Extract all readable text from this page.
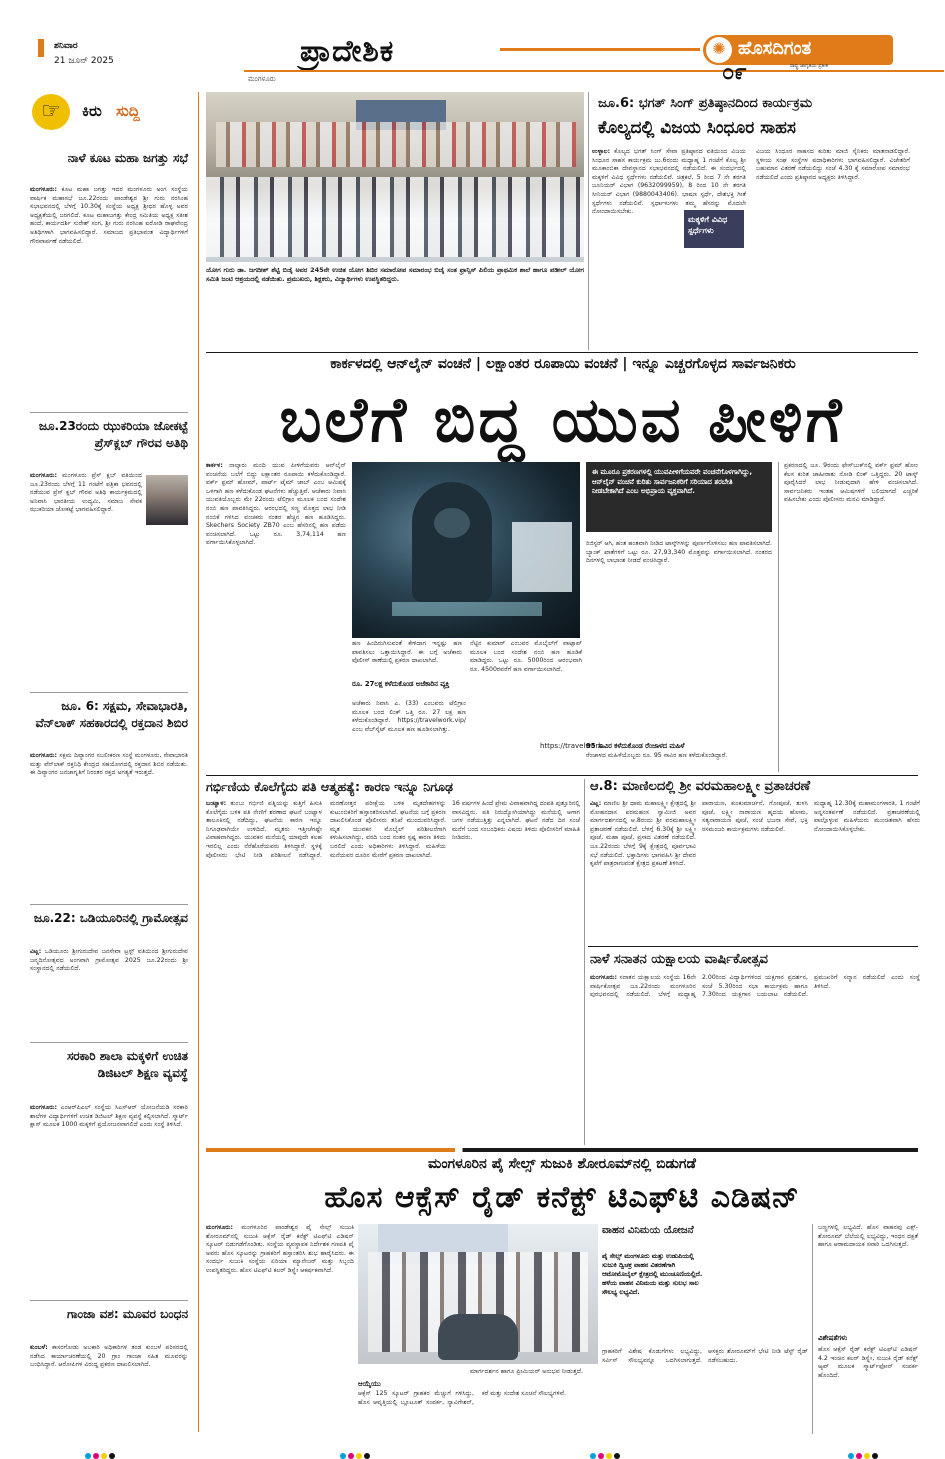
ಶನಿವಾರ
21 ಜೂನ್ 2025
ಮಂಗಳೂರು
ಪ್ರಾದೇಶಿಕ	✺ ಹೊಸದಿಗಂತ
ರಾಷ್ಟ್ರ ಜಾಗೃತಿಯ ಪ್ರತೀಕ
೦೯
☞	ಕಿರು ಸುದ್ದಿ
ನಾಳೆ ಕೂಟ ಮಹಾ ಜಗತ್ತು ಸಭೆ
ಮಂಗಳೂರು: ಕೂಟ ಮಹಾ ಜಗತ್ತು ಇದರ ಮಂಗಳೂರು ಅಂಗ ಸಂಸ್ಥೆಯ ವಾರ್ಷಿಕ ಮಹಾಸಭೆ ಜೂ.22ರಂದು ಪಾಂಡೇಶ್ವರ ಶ್ರೀ ಗುರು ನರಸಿಂಹ ಸಭಾಭವನದಲ್ಲಿ ಬೆಳಗ್ಗೆ 10.30ಕ್ಕೆ ಸಂಸ್ಥೆಯ ಅಧ್ಯಕ್ಷ ಶ್ರೀಧರ ಹೊಳ್ಳ ಅವರ ಅಧ್ಯಕ್ಷತೆಯಲ್ಲಿ ಜರಗಲಿದೆ. ಕೂಟ ಮಹಾಜಗತ್ತು ಕೇಂದ್ರ ಸಮಿತಿಯ ಅಧ್ಯಕ್ಷ ಸತೀಶ ಹಂದೆ, ಕಾರ್ಯದರ್ಶಿ ಸುರೇಶ್ ಸಂಗ, ಶ್ರೀ ಗುರು ನರಸಿಂಹ ಐರೋಡಿ ರಾಘವೇಂದ್ರ ಅತಿಥಿಗಳಾಗಿ ಭಾಗವಹಿಸಲಿದ್ದಾರೆ. ಸಮಾಜದ ಪ್ರತಿಭಾವಂತ ವಿದ್ಯಾರ್ಥಿಗಳಿಗೆ ಗೌರವಾರ್ಪಣೆ ನಡೆಯಲಿದೆ.
ಜೂ.23ರಂದು ಝುಕರಿಯಾ ಜೋಕಟ್ಟೆ ಪ್ರೆಸ್‌ಕ್ಲಬ್ ಗೌರವ ಅತಿಥಿ
ಮಂಗಳೂರು: ಮಂಗಳೂರು ಪ್ರೆಸ್ ಕ್ಲಬ್ ವತಿಯಿಂದ ಜೂ.23ರಂದು ಬೆಳಗ್ಗೆ 11 ಗಂಟೆಗೆ ಪತ್ರಿಕಾ ಭವನದಲ್ಲಿ ನಡೆಯುವ ಪ್ರೆಸ್ ಕ್ಲಬ್ ಗೌರವ ಅತಿಥಿ ಕಾರ್ಯಕ್ರಮದಲ್ಲಿ ಅನಿವಾಸಿ ಭಾರತೀಯ ಉದ್ಯಮಿ, ಸಮಾಜ ಸೇವಕ ಝುಕರಿಯಾ ಜೋಕಟ್ಟೆ ಭಾಗವಹಿಸಲಿದ್ದಾರೆ.
ಜೂ. 6: ಸಕ್ಷಮ, ಸೇವಾಭಾರತಿ, ವೆನ್‌ಲಾಕ್ ಸಹಕಾರದಲ್ಲಿ ರಕ್ತದಾನ ಶಿಬಿರ
ಮಂಗಳೂರು: ಸಕ್ಷಮ ದಿವ್ಯಾಂಗರ ಸಬಲೀಕರಣ ಸಂಸ್ಥೆ ಮಂಗಳೂರು, ಸೇವಾಭಾರತಿ ಮತ್ತು ವೆನ್‌ಲಾಕ್ ರಕ್ತನಿಧಿ ಕೇಂದ್ರದ ಸಹಯೋಗದಲ್ಲಿ ರಕ್ತದಾನ ಶಿಬಿರ ನಡೆಯಿತು. ಈ ದಿವ್ಯಾಂಗರ ಜನಜಾಗೃತಿಗೆ ನಿರಂತರ ರಕ್ತದ ಅಗತ್ಯತೆ ಇರುತ್ತದೆ.
ಜೂ.22: ಒಡಿಯೂರಿನಲ್ಲಿ ಗ್ರಾಮೋತ್ಸವ
ವಿಟ್ಲ: ಒಡಿಯೂರು ಶ್ರೀಗುರುದೇವ ಜನಸೇವಾ ಟ್ರಸ್ಟ್ ವತಿಯಿಂದ ಶ್ರೀಗುರುದೇವ ಜನ್ಮದಿನೋತ್ಸವದ ಅಂಗವಾಗಿ ಗ್ರಾಮೋತ್ಸವ 2025 ಜೂ.22ರಂದು ಶ್ರೀ ಸಂಸ್ಥಾನದಲ್ಲಿ ನಡೆಯಲಿದೆ.
ಸರಕಾರಿ ಶಾಲಾ ಮಕ್ಕಳಿಗೆ ಉಚಿತ ಡಿಜಿಟಲ್ ಶಿಕ್ಷಣ ವ್ಯವಸ್ಥೆ
ಮಂಗಳೂರು: ಎಂಆರ್‌ಪಿಎಲ್ ಸಂಸ್ಥೆಯ ಸಿಎಸ್‌ಆರ್ ಯೋಜನೆಯಡಿ ಸರಕಾರಿ ಶಾಲೆಗಳ ವಿದ್ಯಾರ್ಥಿಗಳಿಗೆ ಉಚಿತ ಡಿಜಿಟಲ್ ಶಿಕ್ಷಣ ವ್ಯವಸ್ಥೆ ಕಲ್ಪಿಸಲಾಗಿದೆ. ಸ್ಮಾರ್ಟ್ ಕ್ಲಾಸ್ ಮೂಲಕ 1000 ಮಕ್ಕಳಿಗೆ ಪ್ರಯೋಜನವಾಗಲಿದೆ ಎಂದು ಸಂಸ್ಥೆ ತಿಳಿಸಿದೆ.
ಗಾಂಜಾ ವಶ: ಮೂವರ ಬಂಧನ
ಕುಂಬಳೆ: ಕಾಸರಗೋಡು ಅಬಕಾರಿ ಅಧಿಕಾರಿಗಳ ತಂಡ ಕುಂಬಳೆ ಪರಿಸರದಲ್ಲಿ ನಡೆಸಿದ ಕಾರ್ಯಾಚರಣೆಯಲ್ಲಿ 20 ಗ್ರಾಂ ಗಾಂಜಾ ಸಹಿತ ಮೂವರನ್ನು ಬಂಧಿಸಿದ್ದಾರೆ. ಆರೋಪಿಗಳ ವಿರುದ್ಧ ಪ್ರಕರಣ ದಾಖಲಿಸಲಾಗಿದೆ.
ಯೋಗ ಗುರು ಡಾ. ಜಗದೀಶ್ ಶೆಟ್ಟಿ ಬಿಜೈ ಅವರ 245ನೇ ಉಚಿತ ಯೋಗ ಶಿಬಿರ ಸಮಾರೋಪ ಸಮಾರಂಭ ಬಿಜೈ ಸಂತ ಫ್ರಾನ್ಸಿಸ್ ಪಿಲಿಯ ಪ್ರಾಥಮಿಕ ಶಾಲೆ ಹಾಗೂ ಪಡೀಲ್ ಯೋಗ ಸಮಿತಿ ಜಂಟಿ ಆಶ್ರಯದಲ್ಲಿ ನಡೆಯಿತು. ಪ್ರಮುಖರು, ಶಿಕ್ಷಕರು, ವಿದ್ಯಾರ್ಥಿಗಳು ಉಪಸ್ಥಿತರಿದ್ದರು.
ಜೂ.6: ಭಗತ್ ಸಿಂಗ್ ಪ್ರತಿಷ್ಠಾನದಿಂದ ಕಾರ್ಯಕ್ರಮ
ಕೊಲ್ಯದಲ್ಲಿ ವಿಜಯ ಸಿಂಧೂರ ಸಾಹಸ
ಉಳ್ಳಾಲ: ಕೊಲ್ಯದ ಭಗತ್ ಸಿಂಗ್ ಸೇವಾ ಪ್ರತಿಷ್ಠಾನದ ವತಿಯಿಂದ ವಿಜಯ ಸಿಂಧೂರ ಸಾಹಸ ಕಾರ್ಯಕ್ರಮ ಜು.6ರಂದು ಮಧ್ಯಾಹ್ನ 1 ಗಂಟೆಗೆ ಕೊಲ್ಯ ಶ್ರೀ ಮೂಕಾಂಬಿಕಾ ದೇವಸ್ಥಾನದ ಸಭಾಭವನದಲ್ಲಿ ನಡೆಯಲಿದೆ. ಈ ಸಂದರ್ಭದಲ್ಲಿ ಮಕ್ಕಳಿಗೆ ವಿವಿಧ ಸ್ಪರ್ಧೆಗಳು ನಡೆಯಲಿವೆ. ಚಿತ್ರಕಲೆ, 5 ರಿಂದ 7 ನೇ ತರಗತಿ ಜೂನಿಯರ್ ವಿಭಾಗ (9632099959), 8 ರಿಂದ 10 ನೇ ತರಗತಿ ಸೀನಿಯರ್ ವಿಭಾಗ (9880043406). ಭಾಷಣ ಸ್ಪರ್ಧೆ, ದೇಶಭಕ್ತಿ ಗೀತೆ ಸ್ಪರ್ಧೆಗಳು ನಡೆಯಲಿವೆ. ಸ್ಪರ್ಧಾಳುಗಳು ತಮ್ಮ ಹೆಸರನ್ನು ಮೊದಲೇ ನೋಂದಾಯಿಸಬೇಕು.
ಮಕ್ಕಳಿಗೆ ವಿವಿಧ ಸ್ಪರ್ಧೆಗಳು
ವಿಜಯ ಸಿಂಧೂರ ಸಾಹಸದ ಕುರಿತು ಮಾಜಿ ಸೈನಿಕರು ಮಾತನಾಡಲಿದ್ದಾರೆ. ಸ್ಥಳೀಯ ಸಂಘ ಸಂಸ್ಥೆಗಳ ಪದಾಧಿಕಾರಿಗಳು ಭಾಗವಹಿಸಲಿದ್ದಾರೆ. ವಿಜೇತರಿಗೆ ಬಹುಮಾನ ವಿತರಣೆ ನಡೆಯಲಿದ್ದು ಸಂಜೆ 4.30 ಕ್ಕೆ ಸಮಾರೋಪ ಸಮಾರಂಭ ನಡೆಯಲಿದೆ ಎಂದು ಪ್ರತಿಷ್ಠಾನದ ಅಧ್ಯಕ್ಷರು ತಿಳಿಸಿದ್ದಾರೆ.
ಕಾರ್ಕಳದಲ್ಲಿ ಆನ್‌ಲೈನ್ ವಂಚನೆ | ಲಕ್ಷಾಂತರ ರೂಪಾಯಿ ವಂಚನೆ | ಇನ್ನೂ ಎಚ್ಚರಗೊಳ್ಳದ ಸಾರ್ವಜನಿಕರು
ಬಲೆಗೆ ಬಿದ್ದ ಯುವ ಪೀಳಿಗೆ
ಕಾರ್ಕಳ: ನಾಲ್ಕಾರು ಮಂದಿ ಯುವ ಪೀಳಿಗೆಯವರು ಆನ್‌ಲೈನ್ ವಂಚನೆಯ ಬಲೆಗೆ ಬಿದ್ದು ಲಕ್ಷಾಂತರ ರೂಪಾಯಿ ಕಳೆದುಕೊಂಡಿದ್ದಾರೆ. ವರ್ಕ್ ಫ್ರಮ್ ಹೋಮ್, ಪಾರ್ಟ್ ಟೈಮ್ ಜಾಬ್ ಎಂಬ ಆಮಿಷಕ್ಕೆ ಒಳಗಾಗಿ ಹಣ ಕಳೆದುಕೊಂಡ ಘಟನೆಗಳು ಹೆಚ್ಚುತ್ತಿವೆ. ಆಜೆಕಾರು ನಿವಾಸಿ ಯುವತಿಯೊಬ್ಬರು ಮೇ 22ರಂದು ಟೆಲಿಗ್ರಾಂ ಮೂಲಕ ಬಂದ ಸಂದೇಶ ನಂಬಿ ಹಣ ಪಾವತಿಸಿದ್ದರು. ಆರಂಭದಲ್ಲಿ ಸಣ್ಣ ಮೊತ್ತದ ಲಾಭ ನೀಡಿ ನಂಬಿಕೆ ಗಳಿಸಿದ ವಂಚಕರು ನಂತರ ಹೆಚ್ಚಿನ ಹಣ ಹೂಡಿಸಿದ್ದರು. Skechers Society ZB70 ಎಂಬ ಹೆಸರಿನಲ್ಲಿ ಹಣ ಪಡೆದು ವಂಚಿಸಲಾಗಿದೆ. ಒಟ್ಟು ರೂ. 3,74,114 ಹಣ ವರ್ಗಾಯಿಸಿಕೊಳ್ಳಲಾಗಿದೆ.
ಹಣ ಹಿಂದಿರುಗಿಸುವಂತೆ ಕೇಳಿದಾಗ ಇನ್ನಷ್ಟು ಹಣ ಪಾವತಿಸಲು ಒತ್ತಾಯಿಸಿದ್ದಾರೆ. ಈ ಬಗ್ಗೆ ಅಜೆಕಾರು ಪೊಲೀಸ್ ಠಾಣೆಯಲ್ಲಿ ಪ್ರಕರಣ ದಾಖಲಾಗಿದೆ.
ರೂ. 27ಲಕ್ಷ ಕಳೆದುಕೊಂಡ ಅಜೆಕಾರಿನ ವ್ಯಕ್ತಿ
ಅಜೆಕಾರು ನಿವಾಸಿ ಎ. (33) ಎಂಬವರು ಟೆಲಿಗ್ರಾಂ ಮೂಲಕ ಬಂದ ಲಿಂಕ್ ಒತ್ತಿ ರೂ. 27 ಲಕ್ಷ ಹಣ ಕಳೆದುಕೊಂಡಿದ್ದಾರೆ. https://travelwork.vip/ ಎಂಬ ವೆಬ್‌ಸೈಟ್ ಮೂಲಕ ಹಣ ಹೂಡಿಸಲಾಗಿತ್ತು.
ನೆಟ್ಟಿನ ಕುಮಾರ್ ಎಂಬವರ ಮೊಬೈಲ್‌ಗೆ ವಾಟ್ಸಾಪ್ ಮೂಲಕ ಬಂದ ಸಂದೇಶ ನಂಬಿ ಹಣ ಹೂಡಿಕೆ ಮಾಡಿದ್ದರು. ಒಟ್ಟು ರೂ. 5000ರಿಂದ ಆರಂಭವಾಗಿ ರೂ. 4500ರವರೆಗೆ ಹಣ ವರ್ಗಾಯಿಸಲಾಗಿದೆ.
https://travelwork.
ಈ ಮೂರೂ ಪ್ರಕರಣಗಳಲ್ಲಿ ಯುವಪೀಳಿಗೆಯವರೇ ವಂಚನೆಗೊಳಗಾಗಿದ್ದು, ಆನ್‌ಲೈನ್ ವಂಚನೆ ಕುರಿತು ಸಾರ್ವಜನಿಕರಿಗೆ ಸರಿಯಾದ ತರಬೇತಿ ನೀಡಬೇಕಾಗಿದೆ ಎಂಬ ಅಭಿಪ್ರಾಯ ವ್ಯಕ್ತವಾಗಿದೆ.
ರಿಜಿಸ್ಟರ್ ಆಗಿ, ಹಂತ ಹಂತವಾಗಿ ನೀಡಿದ ಟಾಸ್ಕ್‌ಗಳನ್ನು ಪೂರ್ಣಗೊಳಿಸಲು ಹಣ ಪಾವತಿಸಲಾಗಿದೆ. ಬ್ಯಾಂಕ್ ಖಾತೆಗಳಿಗೆ ಒಟ್ಟು ರೂ. 27,93,340 ಮೊತ್ತವನ್ನು ವರ್ಗಾಯಿಸಲಾಗಿದೆ. ನಂತರದ ದಿನಗಳಲ್ಲಿ ಲಾಭಾಂಶ ನೀಡದೆ ವಂಚಿಸಿದ್ದಾರೆ.
95 ಸಾವಿರ ಕಳೆದುಕೊಂಡ ರೆಂಜಾಳದ ಮಹಿಳೆ
ರೆಂಜಾಳದ ಮಹಿಳೆಯೊಬ್ಬರು ರೂ. 95 ಸಾವಿರ ಹಣ ಕಳೆದುಕೊಂಡಿದ್ದಾರೆ.
ಪ್ರಕರಣದಲ್ಲಿ ಜೂ. 9ರಂದು ಫೇಸ್‌ಬುಕ್‌ನಲ್ಲಿ ವರ್ಕ್ ಫ್ರಮ್ ಹೋಂ ಕೆಲಸ ಕುರಿತ ಜಾಹೀರಾತು ನೋಡಿ ಲಿಂಕ್ ಒತ್ತಿದ್ದರು. 20 ಟಾಸ್ಕ್ ಪೂರೈಸಿದರೆ ಲಾಭ ನೀಡುವುದಾಗಿ ಹೇಳಿ ವಂಚಿಸಲಾಗಿದೆ. ಸಾರ್ವಜನಿಕರು ಇಂತಹ ಆಮಿಷಗಳಿಗೆ ಬಲಿಯಾಗದೆ ಎಚ್ಚರಿಕೆ ವಹಿಸಬೇಕು ಎಂದು ಪೊಲೀಸರು ಮನವಿ ಮಾಡಿದ್ದಾರೆ.
ಗರ್ಭಿಣಿಯ ಕೊಲೆಗೈದು ಪತಿ ಆತ್ಮಹತ್ಯೆ: ಕಾರಣ ಇನ್ನೂ ನಿಗೂಢ
ಬಂಟ್ವಾಳ: ತುಂಬು ಗರ್ಭಿಣಿ ಪತ್ನಿಯನ್ನು ಕುತ್ತಿಗೆ ಹಿಸುಕಿ ಕೊಲೆಗೈದು ಬಳಿಕ ಪತಿ ನೇಣಿಗೆ ಶರಣಾದ ಘಟನೆ ಬಂಟ್ವಾಳ ತಾಲೂಕಿನಲ್ಲಿ ನಡೆದಿದ್ದು, ಘಟನೆಯ ಕಾರಣ ಇನ್ನೂ ನಿಗೂಢವಾಗಿಯೇ ಉಳಿದಿದೆ. ಮೃತರು ಇತ್ತೀಚೆಗಷ್ಟೇ ವಿವಾಹವಾಗಿದ್ದರು. ಯುವಕನ ಮನೆಯಲ್ಲಿ ಯಾವುದೇ ಕಲಹ ಇರಲಿಲ್ಲ ಎಂದು ನೆರೆಹೊರೆಯವರು ತಿಳಿಸಿದ್ದಾರೆ. ಸ್ಥಳಕ್ಕೆ ಪೊಲೀಸರು ಭೇಟಿ ನೀಡಿ ಪರಿಶೀಲನೆ ನಡೆಸಿದ್ದಾರೆ. ಮರಣೋತ್ತರ ಪರೀಕ್ಷೆಯ ಬಳಿಕ ಮೃತದೇಹಗಳನ್ನು ಕುಟುಂಬಿಕರಿಗೆ ಹಸ್ತಾಂತರಿಸಲಾಗಿದೆ. ಘಟನೆಯ ಬಗ್ಗೆ ಪ್ರಕರಣ ದಾಖಲಿಸಿಕೊಂಡ ಪೊಲೀಸರು ತನಿಖೆ ಮುಂದುವರಿಸಿದ್ದಾರೆ. ಮೃತ ಯುವಕನ ಮೊಬೈಲ್ ಪರಿಶೀಲನೆಗಾಗಿ ಕಳುಹಿಸಲಾಗಿದ್ದು, ವರದಿ ಬಂದ ನಂತರ ಸ್ಪಷ್ಟ ಕಾರಣ ತಿಳಿದು ಬರಲಿದೆ ಎಂದು ಅಧಿಕಾರಿಗಳು ತಿಳಿಸಿದ್ದಾರೆ. ಮಹಿಳೆಯ ಮನೆಯವರ ದೂರಿನ ಮೇರೆಗೆ ಪ್ರಕರಣ ದಾಖಲಾಗಿದೆ.
16 ವರ್ಷಗಳ ಹಿಂದೆ ಪ್ರೇಮ ವಿವಾಹವಾಗಿದ್ದ ದಂಪತಿ ಪುತ್ತೂರಿನಲ್ಲಿ ವಾಸವಿದ್ದರು. ಪತಿ ನಿರುದ್ಯೋಗಿಯಾಗಿದ್ದು ಮನೆಯಲ್ಲಿ ಆಗಾಗ ಜಗಳ ನಡೆಯುತ್ತಿತ್ತು ಎನ್ನಲಾಗಿದೆ. ಘಟನೆ ನಡೆದ ದಿನ ಸಂಜೆ ಮನೆಗೆ ಬಂದ ಸಂಬಂಧಿಕರು ವಿಷಯ ತಿಳಿದು ಪೊಲೀಸರಿಗೆ ಮಾಹಿತಿ ನೀಡಿದರು.
ಆ.8: ಮಾಣಿಲದಲ್ಲಿ ಶ್ರೀ ವರಮಹಾಲಕ್ಷ್ಮೀ ವ್ರತಾಚರಣೆ
ವಿಟ್ಲ: ಮಾಣಿಲ ಶ್ರೀ ಧಾಮ ಮಹಾಲಕ್ಷ್ಮೀ ಕ್ಷೇತ್ರದಲ್ಲಿ ಶ್ರೀ ಮೋಹನದಾಸ ಪರಮಹಂಸ ಸ್ವಾಮೀಜಿ ಅವರ ಮಾರ್ಗದರ್ಶನದಲ್ಲಿ ಆ.8ರಂದು ಶ್ರೀ ವರಮಹಾಲಕ್ಷ್ಮೀ ವ್ರತಾಚರಣೆ ನಡೆಯಲಿದೆ. ಬೆಳಗ್ಗೆ 6.30ಕ್ಕೆ ಶ್ರೀ ಲಕ್ಷ್ಮೀ ಪೂಜೆ, ಮಹಾ ಪೂಜೆ, ಪ್ರಸಾದ ವಿತರಣೆ ನಡೆಯಲಿದೆ. ಜೂ.22ರಂದು ಬೆಳಗ್ಗೆ 9ಕ್ಕೆ ಕ್ಷೇತ್ರದಲ್ಲಿ ಪೂರ್ವಭಾವಿ ಸಭೆ ನಡೆಯಲಿದೆ. ಭಕ್ತಾದಿಗಳು ಭಾಗವಹಿಸಿ ಶ್ರೀ ದೇವರ ಕೃಪೆಗೆ ಪಾತ್ರರಾಗುವಂತೆ ಕ್ಷೇತ್ರದ ಪ್ರಕಟಣೆ ತಿಳಿಸಿದೆ.
ಪಾರಾಯಣ, ಕುಂಕುಮಾರ್ಚನೆ, ಗೋಪೂಜೆ, ತುಳಸಿ ಪೂಜೆ, ಲಕ್ಷ್ಮೀ ನಾರಾಯಣ ಹೃದಯ ಹೋಮ, ಸತ್ಯನಾರಾಯಣ ಪೂಜೆ, ಸಂಜೆ ಭಜನಾ ಸೇವೆ, ಭಕ್ತಿ ರಸಮಂಜರಿ ಕಾರ್ಯಕ್ರಮಗಳು ನಡೆಯಲಿವೆ.
ಮಧ್ಯಾಹ್ನ 12.30ಕ್ಕೆ ಮಹಾಮಂಗಳಾರತಿ, 1 ಗಂಟೆಗೆ ಅನ್ನಸಂತರ್ಪಣೆ ನಡೆಯಲಿದೆ. ವ್ರತಾಚರಣೆಯಲ್ಲಿ ಪಾಲ್ಗೊಳ್ಳುವ ಮಹಿಳೆಯರು ಮುಂಚಿತವಾಗಿ ಹೆಸರು ನೋಂದಾಯಿಸಿಕೊಳ್ಳಬೇಕು.
ನಾಳೆ ಸನಾತನ ಯಕ್ಷಾಲಯ ವಾರ್ಷಿಕೋತ್ಸವ
ಮಂಗಳೂರು: ಸನಾತನ ಯಕ್ಷಾಲಯ ಸಂಸ್ಥೆಯ 16ನೇ ವಾರ್ಷಿಕೋತ್ಸವ ಜೂ.22ರಂದು ಮಂಗಳೂರಿನ ಪುರಭವನದಲ್ಲಿ ನಡೆಯಲಿದೆ. ಬೆಳಗ್ಗೆ ಮಧ್ಯಾಹ್ನ 2.00ರಿಂದ ವಿದ್ಯಾರ್ಥಿಗಳಿಂದ ಯಕ್ಷಗಾನ ಪ್ರದರ್ಶನ, ಸಂಜೆ 5.30ರಿಂದ ಸಭಾ ಕಾರ್ಯಕ್ರಮ ಹಾಗೂ 7.30ರಿಂದ ಯಕ್ಷಗಾನ ಬಯಲಾಟ ನಡೆಯಲಿದೆ. ಪ್ರಮುಖರಿಗೆ ಸನ್ಮಾನ ನಡೆಯಲಿದೆ ಎಂದು ಸಂಸ್ಥೆ ತಿಳಿಸಿದೆ.
ಮಂಗಳೂರಿನ ಪೈ ಸೇಲ್ಸ್ ಸುಜುಕಿ ಶೋರೂಮ್‌ನಲ್ಲಿ ಬಿಡುಗಡೆ
ಹೊಸ ಆಕ್ಸೆಸ್ ರೈಡ್ ಕನೆಕ್ಟ್ ಟಿಎಫ್‌ಟಿ ಎಡಿಷನ್
ಮಂಗಳೂರು: ಮಂಗಳೂರಿನ ಪಾಂಡೇಶ್ವರ ಪೈ ಸೇಲ್ಸ್ ಸುಜುಕಿ ಶೋರೂಮ್‌ನಲ್ಲಿ ಸುಜುಕಿ ಆಕ್ಸೆಸ್ ರೈಡ್ ಕನೆಕ್ಟ್ ಟಿಎಫ್‌ಟಿ ಎಡಿಷನ್ ಸ್ಕೂಟರ್ ಬಿಡುಗಡೆಗೊಂಡಿತು. ಸಂಸ್ಥೆಯ ವ್ಯವಸ್ಥಾಪಕ ನಿರ್ದೇಶಕ ಗಣಪತಿ ಪೈ ಅವರು ಹೊಸ ಸ್ಕೂಟರನ್ನು ಗ್ರಾಹಕರಿಗೆ ಹಸ್ತಾಂತರಿಸಿ ಶುಭ ಹಾರೈಸಿದರು. ಈ ಸಂದರ್ಭ ಸುಜುಕಿ ಸಂಸ್ಥೆಯ ಏರಿಯಾ ಮ್ಯಾನೇಜರ್ ಮತ್ತು ಸಿಬ್ಬಂದಿ ಉಪಸ್ಥಿತರಿದ್ದರು. ಹೊಸ ಟಿಎಫ್‌ಟಿ ಕಲರ್ ಡಿಸ್ಪ್ಲೇ ಆಕರ್ಷಕವಾಗಿದೆ.
ಮಾರ್ಗದರ್ಶನ ಹಾಗೂ ಪ್ರೀಮಿಯರ್ ಅನುಭವ ನೀಡುತ್ತದೆ.
ಆಯ್ಕೆಯು
ಆಕ್ಸೆಸ್ 125 ಸ್ಕೂಟರ್ ಗ್ರಾಹಕರ ಮೆಚ್ಚುಗೆ ಗಳಿಸಿದ್ದು, ಹೊಸ ಆವೃತ್ತಿಯಲ್ಲಿ ಬ್ಲೂಟೂತ್ ಸಂಪರ್ಕ, ನ್ಯಾವಿಗೇಶನ್, ಕರೆ ಮತ್ತು ಸಂದೇಶ ಸೂಚನೆ ಸೌಲಭ್ಯಗಳಿವೆ.
ವಾಹನ ವಿನಿಮಯ ಯೋಜನೆ
ಪೈ ಸೇಲ್ಸ್ ಮಂಗಳೂರು ಮತ್ತು ಉಡುಪಿಯಲ್ಲಿ ಸುಜುಕಿ ದ್ವಿಚಕ್ರ ವಾಹನ ವಿತರಣೆಗಾಗಿ ಆಟೋಮೊಬೈಲ್ ಕ್ಷೇತ್ರದಲ್ಲಿ ಮುಂಚೂಣಿಯಲ್ಲಿದೆ. ಹಳೆಯ ವಾಹನ ವಿನಿಮಯ ಮತ್ತು ಸುಲಭ ಸಾಲ ಸೌಲಭ್ಯ ಲಭ್ಯವಿದೆ.
ಗ್ರಾಹಕರಿಗೆ ವಿಶೇಷ ಕೊಡುಗೆಗಳು ಲಭ್ಯವಿದ್ದು, ಸರ್ವಿಸ್ ಸೌಲಭ್ಯವನ್ನೂ ಒದಗಿಸಲಾಗುತ್ತದೆ. ಆಸಕ್ತರು ಶೋರೂಮ್‌ಗೆ ಭೇಟಿ ನೀಡಿ ಟೆಸ್ಟ್ ರೈಡ್ ನಡೆಸಬಹುದು.
ಬಣ್ಣಗಳಲ್ಲಿ ಲಭ್ಯವಿದೆ. ಹೊಸ ವಾಹನವು ಎಕ್ಸ್-ಶೋರೂಮ್ ಬೆಲೆಯಲ್ಲಿ ಲಭ್ಯವಿದ್ದು, ಇಂಧನ ದಕ್ಷತೆ ಹಾಗೂ ಆರಾಮದಾಯಕ ಸವಾರಿ ಒದಗಿಸುತ್ತದೆ.
ವಿಶೇಷತೆಗಳು
ಹೊಸ ಆಕ್ಸೆಸ್ ರೈಡ್ ಕನೆಕ್ಟ್ ಟಿಎಫ್‌ಟಿ ಎಡಿಷನ್ 4.2 ಇಂಚಿನ ಕಲರ್ ಡಿಸ್ಪ್ಲೇ, ಸುಜುಕಿ ರೈಡ್ ಕನೆಕ್ಟ್ ಆ್ಯಪ್ ಮೂಲಕ ಸ್ಮಾರ್ಟ್‌ಫೋನ್ ಸಂಪರ್ಕ ಹೊಂದಿದೆ.
